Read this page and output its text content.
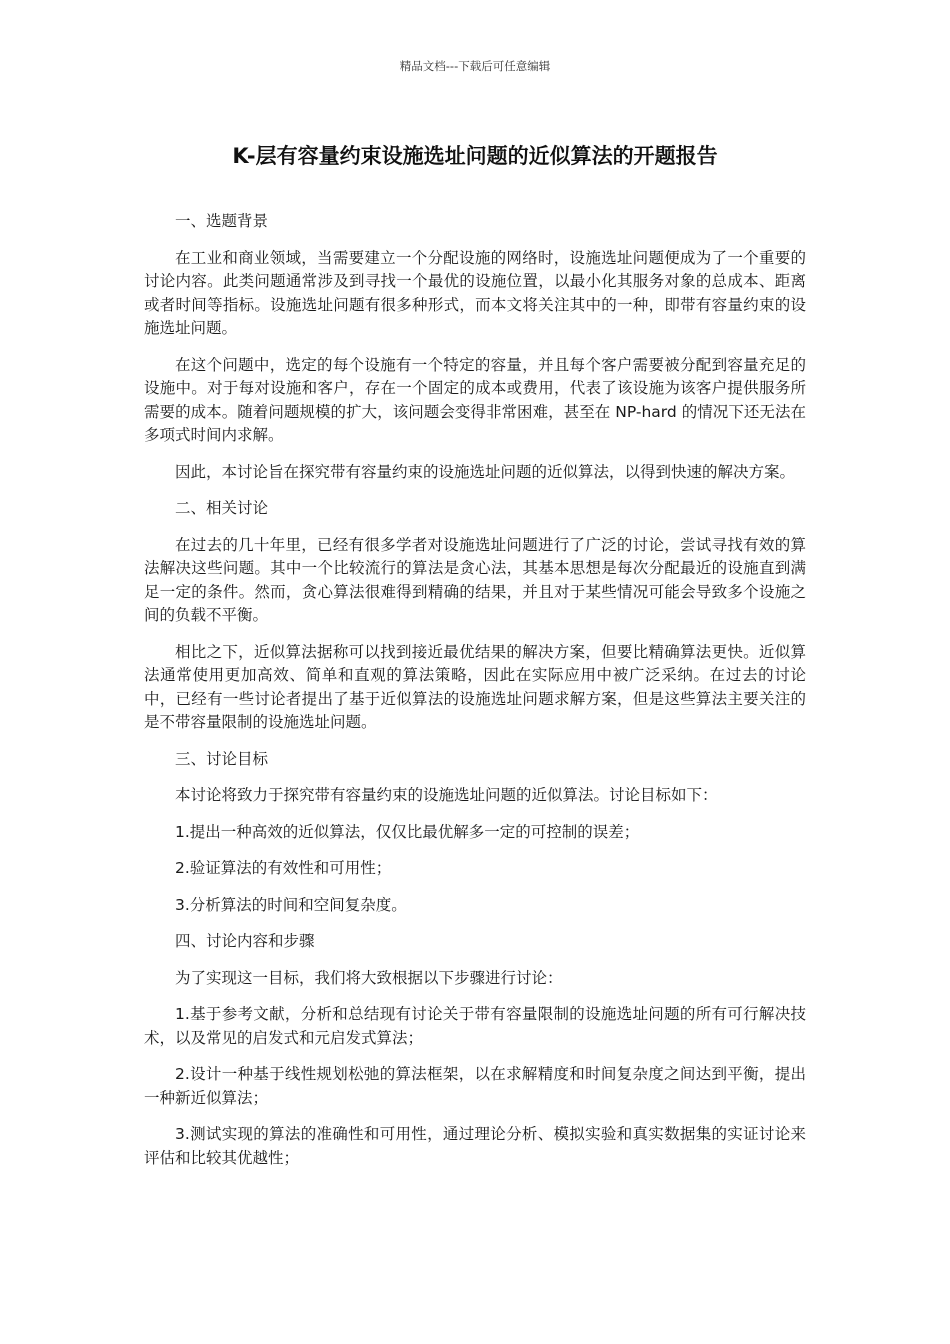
精品文档---下载后可任意编辑
K-层有容量约束设施选址问题的近似算法的开题报告

一、选题背景

在工业和商业领域，当需要建立一个分配设施的网络时，设施选址问题便成为了一个重要的讨论内容。此类问题通常涉及到寻找一个最优的设施位置，以最小化其服务对象的总成本、距离或者时间等指标。设施选址问题有很多种形式，而本文将关注其中的一种，即带有容量约束的设施选址问题。

在这个问题中，选定的每个设施有一个特定的容量，并且每个客户需要被分配到容量充足的设施中。对于每对设施和客户，存在一个固定的成本或费用，代表了该设施为该客户提供服务所需要的成本。随着问题规模的扩大，该问题会变得非常困难，甚至在 NP-hard 的情况下还无法在多项式时间内求解。

因此，本讨论旨在探究带有容量约束的设施选址问题的近似算法，以得到快速的解决方案。

二、相关讨论

在过去的几十年里，已经有很多学者对设施选址问题进行了广泛的讨论，尝试寻找有效的算法解决这些问题。其中一个比较流行的算法是贪心法，其基本思想是每次分配最近的设施直到满足一定的条件。然而，贪心算法很难得到精确的结果，并且对于某些情况可能会导致多个设施之间的负载不平衡。

相比之下，近似算法据称可以找到接近最优结果的解决方案，但要比精确算法更快。近似算法通常使用更加高效、简单和直观的算法策略，因此在实际应用中被广泛采纳。在过去的讨论中，已经有一些讨论者提出了基于近似算法的设施选址问题求解方案，但是这些算法主要关注的是不带容量限制的设施选址问题。

三、讨论目标

本讨论将致力于探究带有容量约束的设施选址问题的近似算法。讨论目标如下：

1.提出一种高效的近似算法，仅仅比最优解多一定的可控制的误差；

2.验证算法的有效性和可用性；

3.分析算法的时间和空间复杂度。

四、讨论内容和步骤

为了实现这一目标，我们将大致根据以下步骤进行讨论：

1.基于参考文献，分析和总结现有讨论关于带有容量限制的设施选址问题的所有可行解决技术，以及常见的启发式和元启发式算法；

2.设计一种基于线性规划松弛的算法框架，以在求解精度和时间复杂度之间达到平衡，提出一种新近似算法；

3.测试实现的算法的准确性和可用性，通过理论分析、模拟实验和真实数据集的实证讨论来评估和比较其优越性；
